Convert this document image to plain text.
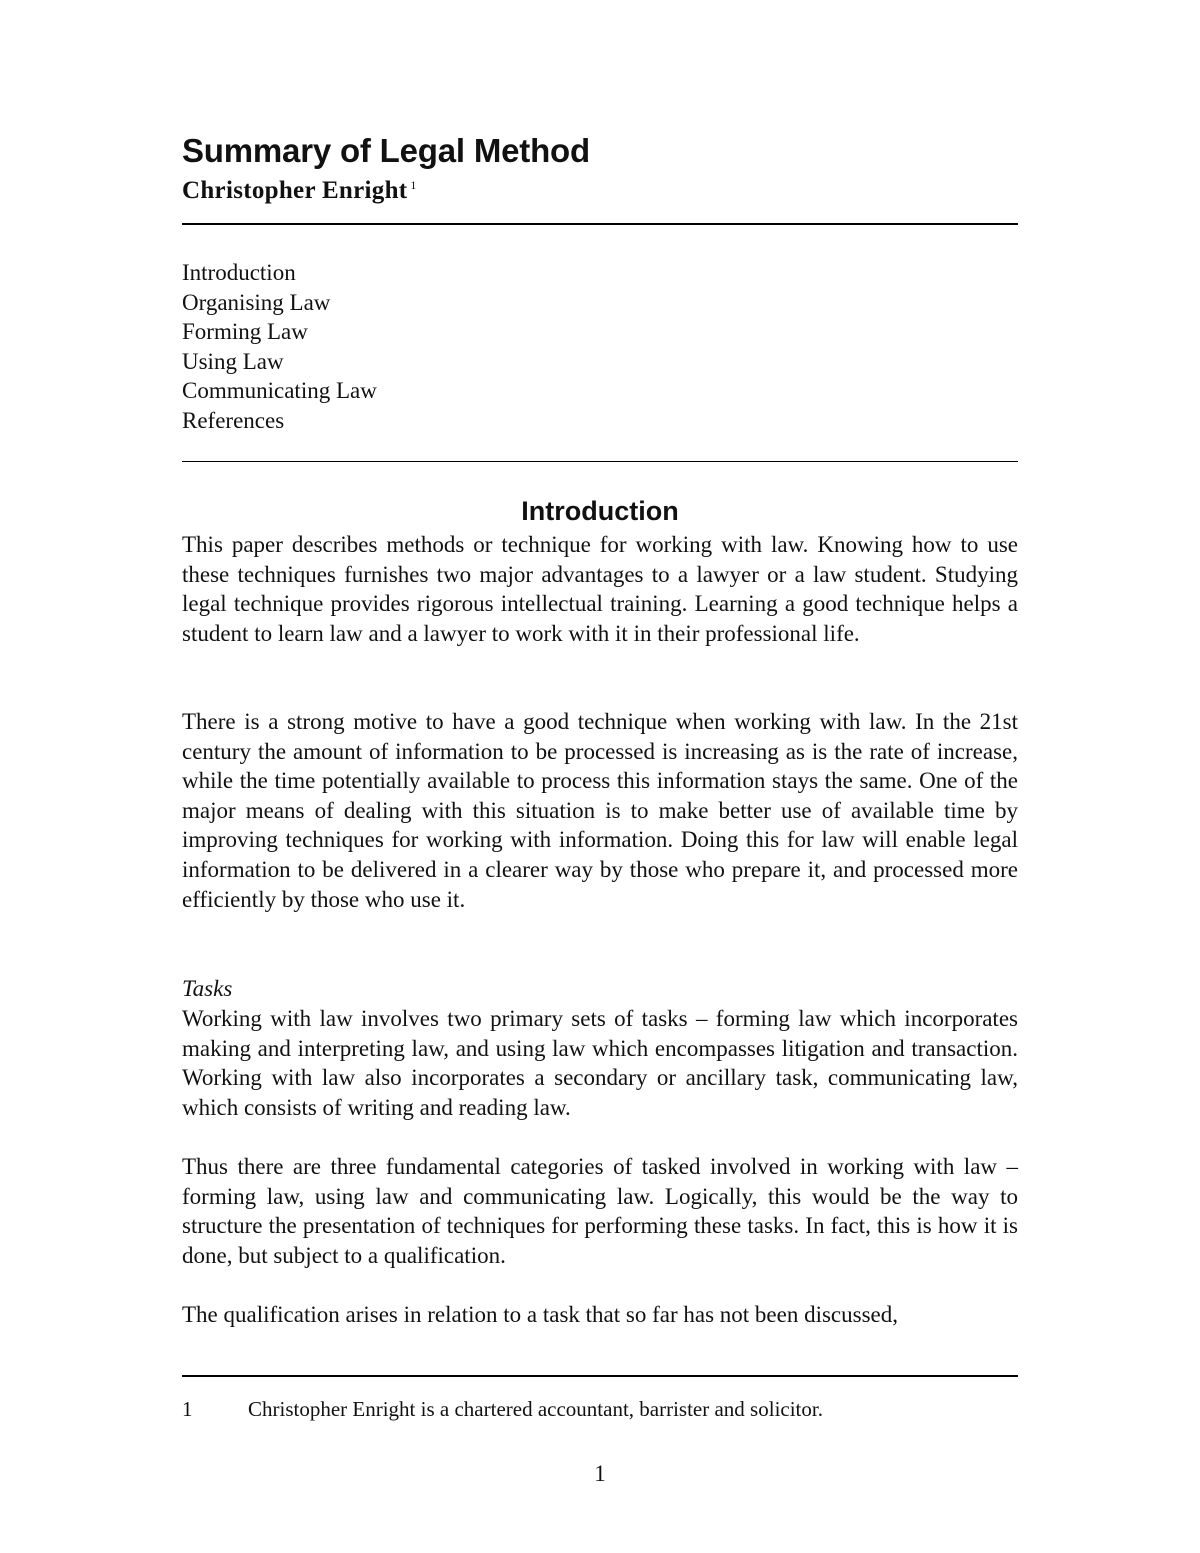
Summary of Legal Method
Christopher Enright $^1$
Introduction
Organising Law
Forming Law
Using Law
Communicating Law
References
Introduction

This paper describes methods or technique for working with law. Knowing how to use these techniques furnishes two major advantages to a lawyer or a law student. Studying legal technique provides rigorous intellectual training. Learning a good technique helps a student to learn law and a lawyer to work with it in their professional life.

There is a strong motive to have a good technique when working with law. In the 21st century the amount of information to be processed is increasing as is the rate of increase, while the time potentially available to process this information stays the same. One of the major means of dealing with this situation is to make better use of available time by improving techniques for working with information. Doing this for law will enable legal information to be delivered in a clearer way by those who prepare it, and processed more efficiently by those who use it.

Tasks

Working with law involves two primary sets of tasks – forming law which incorporates making and interpreting law, and using law which encompasses litigation and transaction. Working with law also incorporates a secondary or ancillary task, communicating law, which consists of writing and reading law.

Thus there are three fundamental categories of tasked involved in working with law – forming law, using law and communicating law. Logically, this would be the way to structure the presentation of techniques for performing these tasks. In fact, this is how it is done, but subject to a qualification.

The qualification arises in relation to a task that so far has not been discussed,

1	Christopher Enright is a chartered accountant, barrister and solicitor.
1
